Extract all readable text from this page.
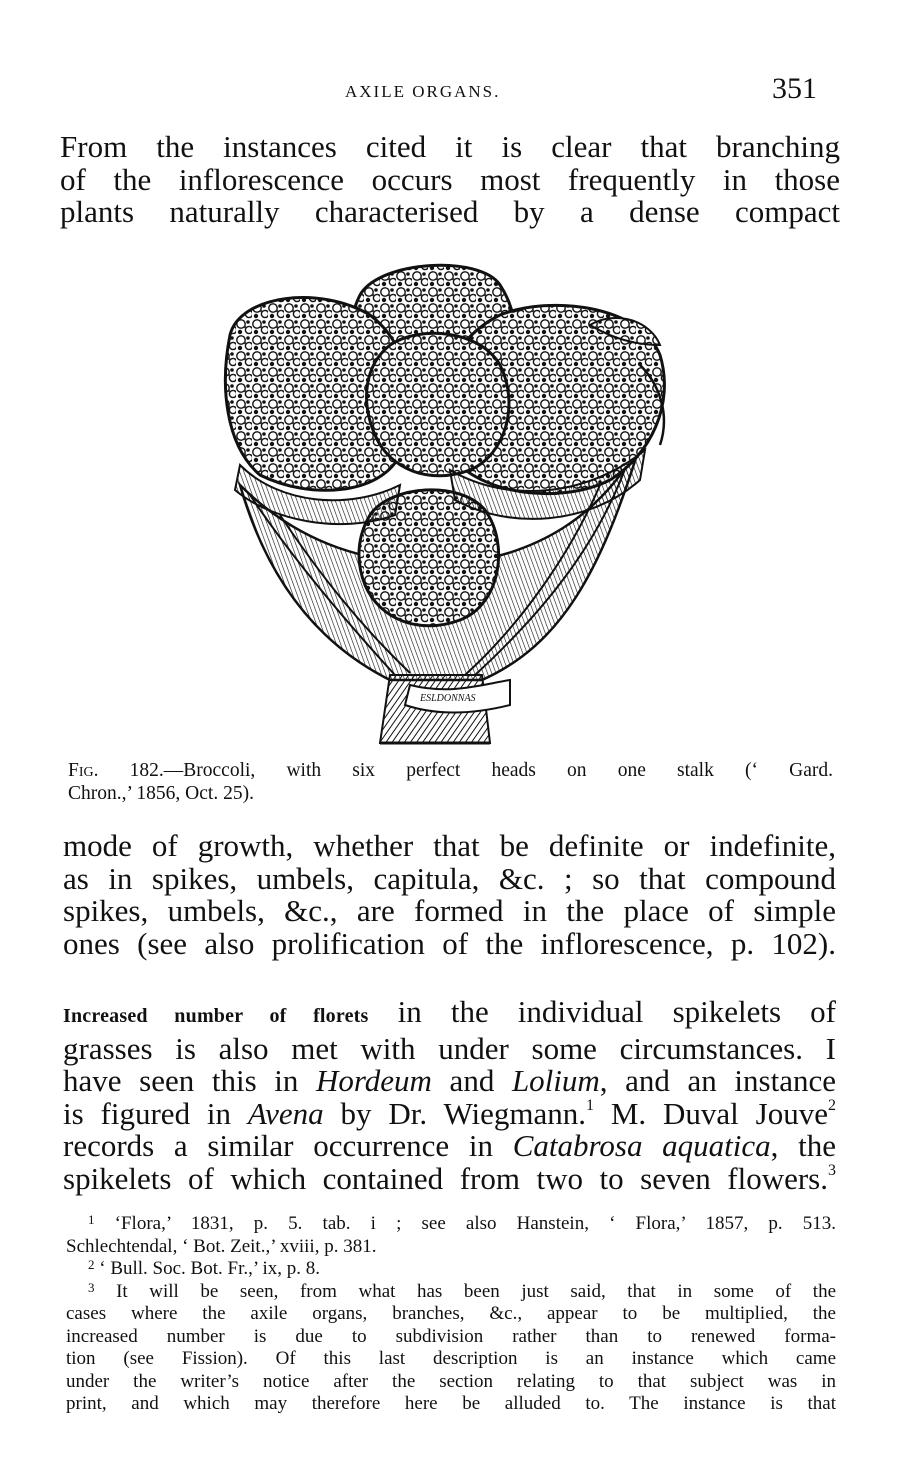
AXILE ORGANS.	351
From the instances cited it is clear that branching
of the inflorescence occurs most frequently in those
plants naturally characterised by a dense compact
ESLDONNAS
Fig. 182.—Broccoli, with six perfect heads on one stalk (‘ Gard.
Chron.,’ 1856, Oct. 25).
mode of growth, whether that be definite or indefinite,
as in spikes, umbels, capitula, &c. ; so that compound
spikes, umbels, &c., are formed in the place of simple
ones (see also prolification of the inflorescence, p. 102).
Increased number of florets in the individual spikelets of
grasses is also met with under some circumstances. I
have seen this in Hordeum and Lolium, and an instance
is figured in Avena by Dr. Wiegmann.$^1$ M. Duval Jouve$^2$
records a similar occurrence in Catabrosa aquatica, the
spikelets of which contained from two to seven flowers.$^3$
$^1$ ‘Flora,’ 1831, p. 5. tab. i ; see also Hanstein, ‘ Flora,’ 1857, p. 513.
Schlechtendal, ‘ Bot. Zeit.,’ xviii, p. 381.
$^2$ ‘ Bull. Soc. Bot. Fr.,’ ix, p. 8.
$^3$ It will be seen, from what has been just said, that in some of the
cases where the axile organs, branches, &c., appear to be multiplied, the
increased number is due to subdivision rather than to renewed forma-
tion (see Fission). Of this last description is an instance which came
under the writer’s notice after the section relating to that subject was in
print, and which may therefore here be alluded to. The instance is that
